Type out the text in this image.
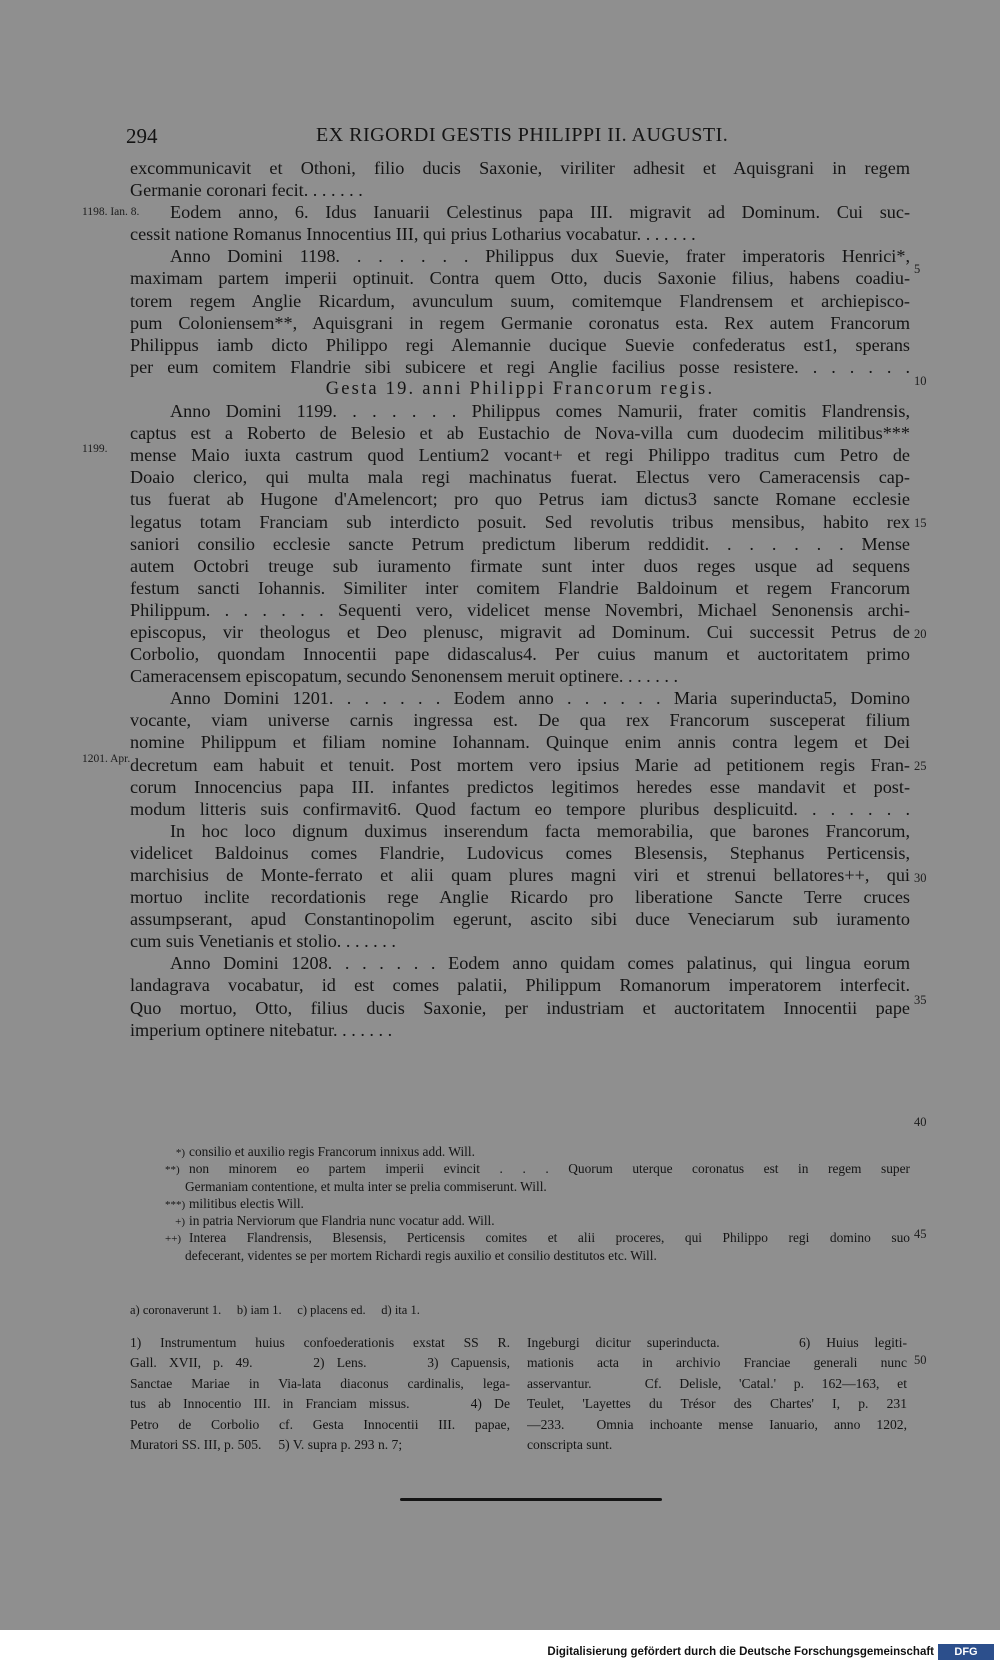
294	EX RIGORDI GESTIS PHILIPPI II. AUGUSTI.
excommunicavit et Othoni, filio ducis Saxonie, viriliter adhesit et Aquisgrani in regem
Germanie coronari fecit. . . . . . .
Eodem anno, 6. Idus Ianuarii Celestinus papa III. migravit ad Dominum. Cui suc-
cessit natione Romanus Innocentius III, qui prius Lotharius vocabatur. . . . . . .
Anno Domini 1198. . . . . . . Philippus dux Suevie, frater imperatoris Henrici*,
maximam partem imperii optinuit. Contra quem Otto, ducis Saxonie filius, habens coadiu-
torem regem Anglie Ricardum, avunculum suum, comitemque Flandrensem et archiepisco-
pum Coloniensem**, Aquisgrani in regem Germanie coronatus esta. Rex autem Francorum
Philippus iamb dicto Philippo regi Alemannie ducique Suevie confederatus est1, sperans
per eum comitem Flandrie sibi subicere et regi Anglie facilius posse resistere. . . . . . .
Gesta 19. anni Philippi Francorum regis.
Anno Domini 1199. . . . . . . Philippus comes Namurii, frater comitis Flandrensis,
captus est a Roberto de Belesio et ab Eustachio de Nova-villa cum duodecim militibus***
mense Maio iuxta castrum quod Lentium2 vocant+ et regi Philippo traditus cum Petro de
Doaio clerico, qui multa mala regi machinatus fuerat. Electus vero Cameracensis cap-
tus fuerat ab Hugone d'Amelencort; pro quo Petrus iam dictus3 sancte Romane ecclesie
legatus totam Franciam sub interdicto posuit. Sed revolutis tribus mensibus, habito rex
saniori consilio ecclesie sancte Petrum predictum liberum reddidit. . . . . . . Mense
autem Octobri treuge sub iuramento firmate sunt inter duos reges usque ad sequens
festum sancti Iohannis. Similiter inter comitem Flandrie Baldoinum et regem Francorum
Philippum. . . . . . . Sequenti vero, videlicet mense Novembri, Michael Senonensis archi-
episcopus, vir theologus et Deo plenusc, migravit ad Dominum. Cui successit Petrus de
Corbolio, quondam Innocentii pape didascalus4. Per cuius manum et auctoritatem primo
Cameracensem episcopatum, secundo Senonensem meruit optinere. . . . . . .
Anno Domini 1201. . . . . . . Eodem anno . . . . . . Maria superinducta5, Domino
vocante, viam universe carnis ingressa est. De qua rex Francorum susceperat filium
nomine Philippum et filiam nomine Iohannam. Quinque enim annis contra legem et Dei
decretum eam habuit et tenuit. Post mortem vero ipsius Marie ad petitionem regis Fran-
corum Innocencius papa III. infantes predictos legitimos heredes esse mandavit et post-
modum litteris suis confirmavit6. Quod factum eo tempore pluribus desplicuitd. . . . . . .
In hoc loco dignum duximus inserendum facta memorabilia, que barones Francorum,
videlicet Baldoinus comes Flandrie, Ludovicus comes Blesensis, Stephanus Perticensis,
marchisius de Monte-ferrato et alii quam plures magni viri et strenui bellatores++, qui
mortuo inclite recordationis rege Anglie Ricardo pro liberatione Sancte Terre cruces
assumpserant, apud Constantinopolim egerunt, ascito sibi duce Veneciarum sub iuramento
cum suis Venetianis et stolio. . . . . . .
Anno Domini 1208. . . . . . . Eodem anno quidam comes palatinus, qui lingua eorum
landagrava vocabatur, id est comes palatii, Philippum Romanorum imperatorem interfecit.
Quo mortuo, Otto, filius ducis Saxonie, per industriam et auctoritatem Innocentii pape
imperium optinere nitebatur. . . . . . .
1198. Ian. 8.
1199.
1201. Apr.
5
10
15
20
25
30
35
40
45
50
*) consilio et auxilio regis Francorum innixus add. Will.
**) non minorem eo partem imperii evincit . . . Quorum uterque coronatus est in regem super
Germaniam contentione, et multa inter se prelia commiserunt. Will.
***) militibus electis Will.
+) in patria Nerviorum que Flandria nunc vocatur add. Will.
++) Interea Flandrensis, Blesensis, Perticensis comites et alii proceres, qui Philippo regi domino suo
defecerant, videntes se per mortem Richardi regis auxilio et consilio destitutos etc. Will.
a) coronaverunt 1.     b) iam 1.     c) placens ed.     d) ita 1.
1) Instrumentum huius confoederationis exstat SS R.
Gall. XVII, p. 49.     2) Lens.     3) Capuensis,
Sanctae Mariae in Via-lata diaconus cardinalis, lega-
tus ab Innocentio III. in Franciam missus.     4) De
Petro de Corbolio cf. Gesta Innocentii III. papae,
Muratori SS. III, p. 505.     5) V. supra p. 293 n. 7;
Ingeburgi dicitur superinducta.     6) Huius legiti-
mationis acta in archivio Franciae generali nunc
asservantur.   Cf. Delisle, 'Catal.' p. 162—163, et
Teulet, 'Layettes du Trésor des Chartes' I, p. 231
—233.  Omnia inchoante mense Ianuario, anno 1202,
conscripta sunt.
Digitalisierung gefördert durch die Deutsche Forschungsgemeinschaft	DFG
